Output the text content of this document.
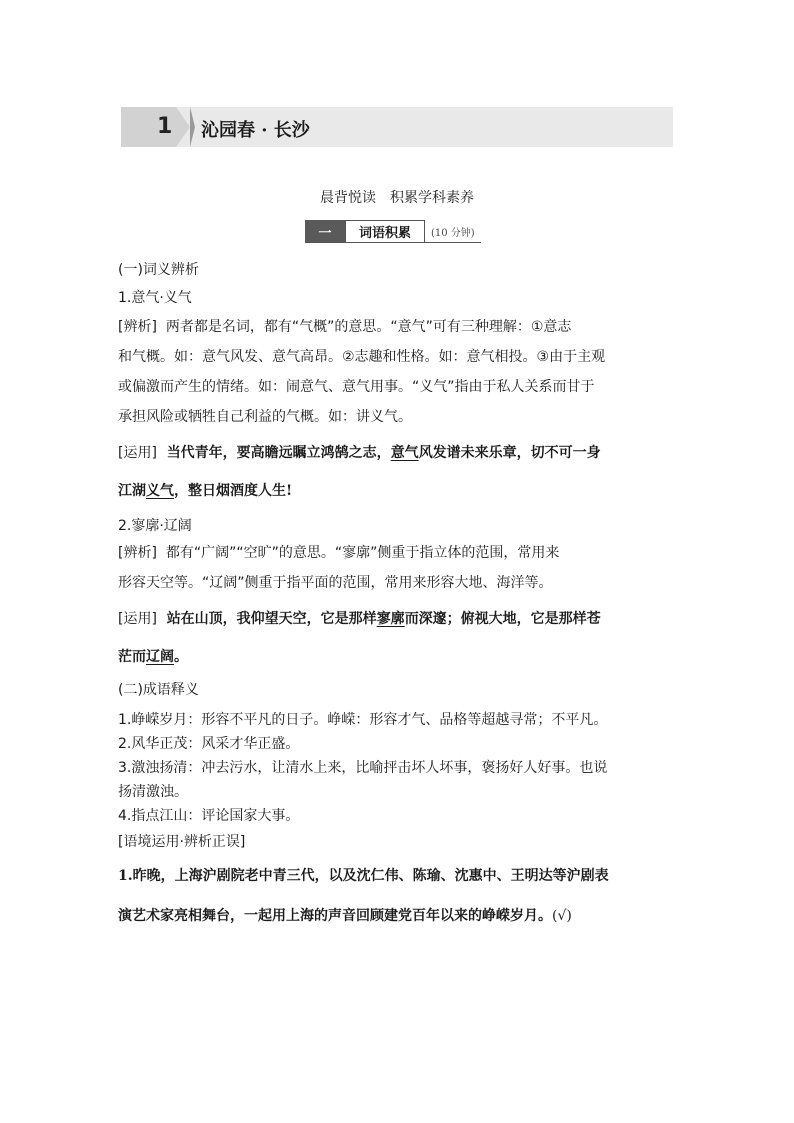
1 沁园春 · 长沙
晨背悦读 积累学科素养
一	词语积累	(10 分钟)
(一)词义辨析
1.意气·义气
[辨析] 两者都是名词，都有“气概”的意思。“意气”可有三种理解：①意志
和气概。如：意气风发、意气高昂。②志趣和性格。如：意气相投。③由于主观
或偏激而产生的情绪。如：闹意气、意气用事。“义气”指由于私人关系而甘于
承担风险或牺牲自己利益的气概。如：讲义气。
[运用] 当代青年，要高瞻远瞩立鸿鹄之志，意气风发谱未来乐章，切不可一身
江湖义气，整日烟酒度人生!
2.寥廓·辽阔
[辨析] 都有“广阔”“空旷”的意思。“寥廓”侧重于指立体的范围，常用来
形容天空等。“辽阔”侧重于指平面的范围，常用来形容大地、海洋等。
[运用] 站在山顶，我仰望天空，它是那样寥廓而深邃；俯视大地，它是那样苍
茫而辽阔。
(二)成语释义
1.峥嵘岁月：形容不平凡的日子。峥嵘：形容才气、品格等超越寻常；不平凡。
2.风华正茂：风采才华正盛。
3.激浊扬清：冲去污水，让清水上来，比喻抨击坏人坏事，褒扬好人好事。也说
扬清激浊。
4.指点江山：评论国家大事。
[语境运用·辨析正误]
1.昨晚，上海沪剧院老中青三代，以及沈仁伟、陈瑜、沈惠中、王明达等沪剧表
演艺术家亮相舞台，一起用上海的声音回顾建党百年以来的峥嵘岁月。(√)
